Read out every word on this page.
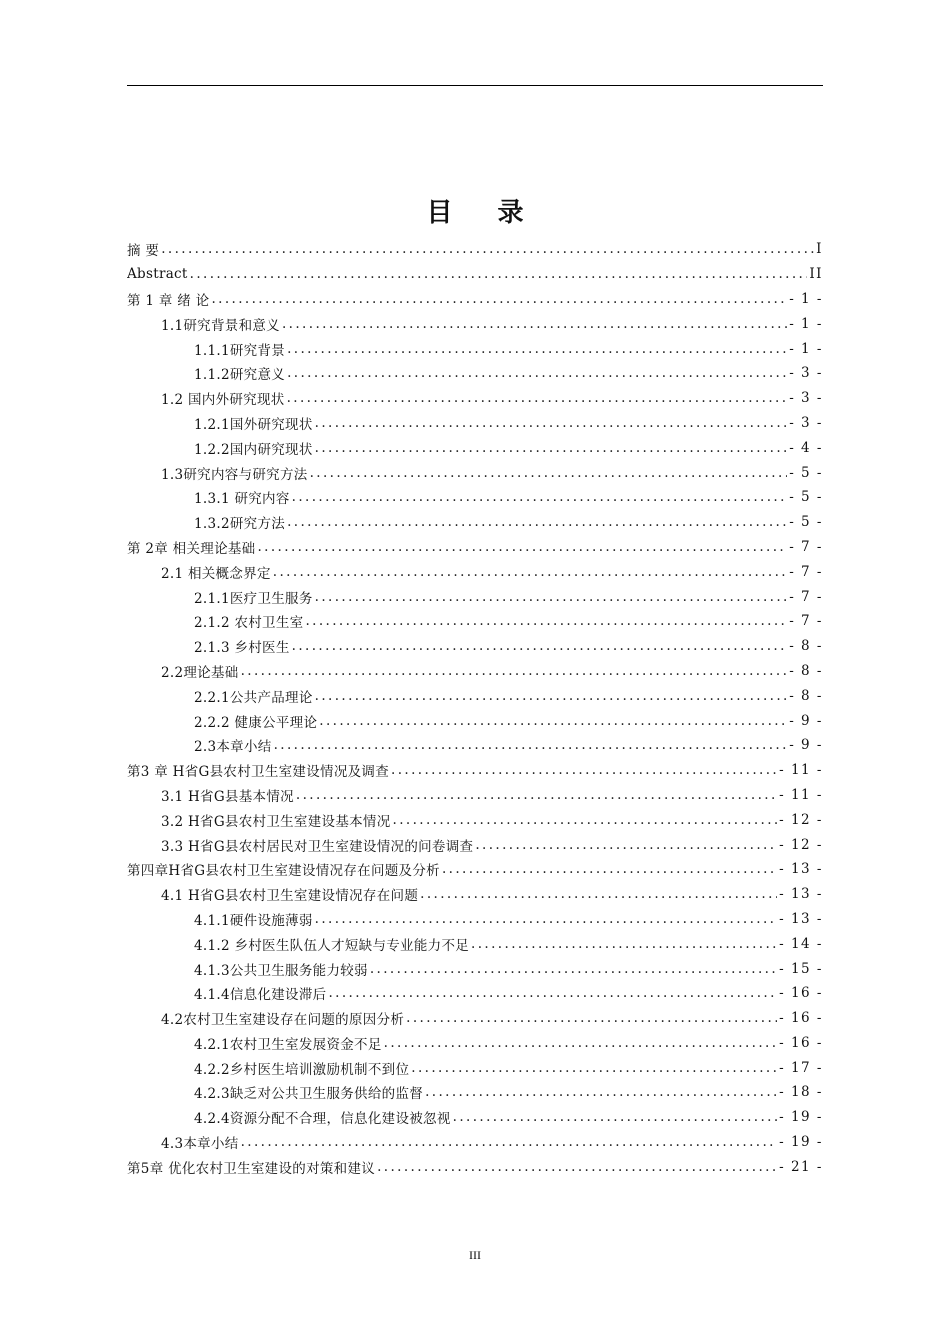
目 录
摘 要 .....	I
Abstract .....	II
第 1 章 绪 论 .....	- 1 -
1.1研究背景和意义 .....	- 1 -
1.1.1研究背景 .....	- 1 -
1.1.2研究意义 .....	- 3 -
1.2 国内外研究现状 .....	- 3 -
1.2.1国外研究现状 .....	- 3 -
1.2.2国内研究现状 .....	- 4 -
1.3研究内容与研究方法 .....	- 5 -
1.3.1 研究内容 .....	- 5 -
1.3.2研究方法 .....	- 5 -
第 2章 相关理论基础 .....	- 7 -
2.1 相关概念界定 .....	- 7 -
2.1.1医疗卫生服务 .....	- 7 -
2.1.2 农村卫生室 .....	- 7 -
2.1.3 乡村医生 .....	- 8 -
2.2理论基础 .....	- 8 -
2.2.1公共产品理论 .....	- 8 -
2.2.2 健康公平理论 .....	- 9 -
2.3本章小结 .....	- 9 -
第3 章 H省G县农村卫生室建设情况及调查 .....	- 11 -
3.1 H省G县基本情况 .....	- 11 -
3.2 H省G县农村卫生室建设基本情况 .....	- 12 -
3.3 H省G县农村居民对卫生室建设情况的问卷调查 .....	- 12 -
第四章H省G县农村卫生室建设情况存在问题及分析 .....	- 13 -
4.1 H省G县农村卫生室建设情况存在问题 .....	- 13 -
4.1.1硬件设施薄弱 .....	- 13 -
4.1.2 乡村医生队伍人才短缺与专业能力不足 .....	- 14 -
4.1.3公共卫生服务能力较弱 .....	- 15 -
4.1.4信息化建设滞后 .....	- 16 -
4.2农村卫生室建设存在问题的原因分析 .....	- 16 -
4.2.1农村卫生室发展资金不足 .....	- 16 -
4.2.2乡村医生培训激励机制不到位 .....	- 17 -
4.2.3缺乏对公共卫生服务供给的监督 .....	- 18 -
4.2.4资源分配不合理，信息化建设被忽视 .....	- 19 -
4.3本章小结 .....	- 19 -
第5章 优化农村卫生室建设的对策和建议 .....	- 21 -
III
